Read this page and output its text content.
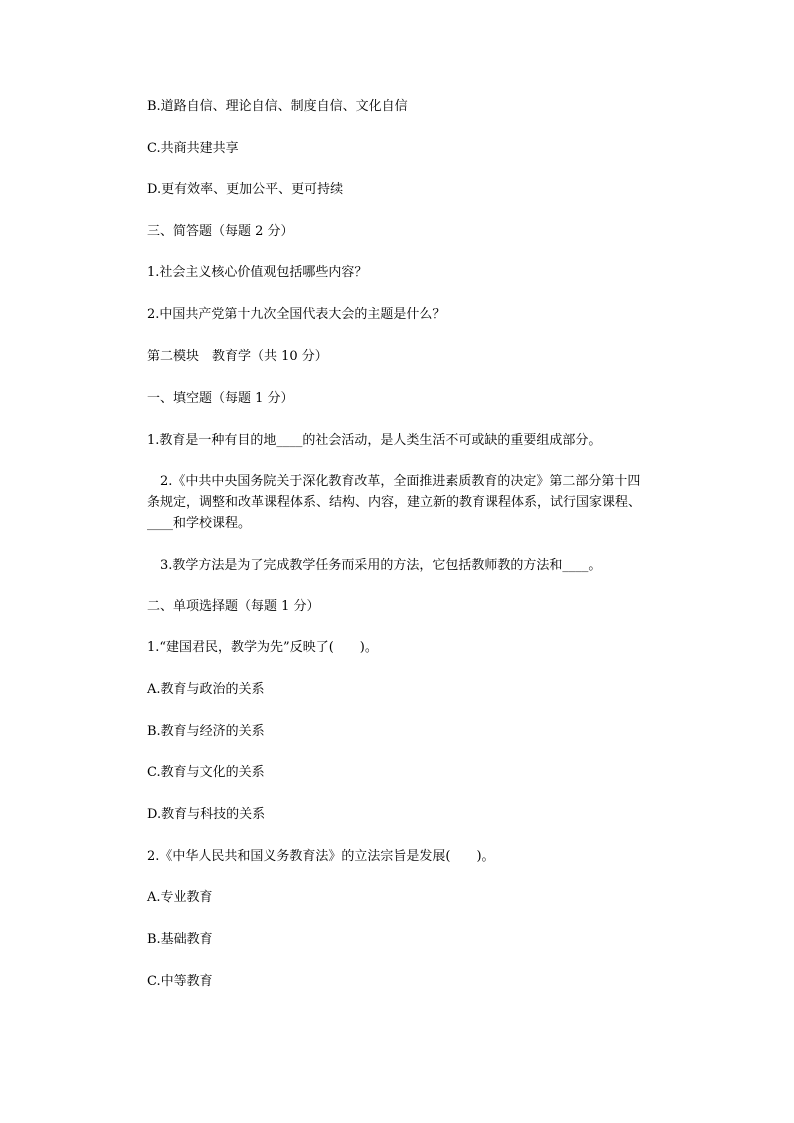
B.道路自信、理论自信、制度自信、文化自信
C.共商共建共享
D.更有效率、更加公平、更可持续
三、简答题（每题 2 分）
1.社会主义核心价值观包括哪些内容？
2.中国共产党第十九次全国代表大会的主题是什么？
第二模块　教育学（共 10 分）
一、填空题（每题 1 分）
1.教育是一种有目的地____的社会活动，是人类生活不可或缺的重要组成部分。
　2.《中共中央国务院关于深化教育改革，全面推进素质教育的决定》第二部分第十四
条规定，调整和改革课程体系、结构、内容，建立新的教育课程体系，试行国家课程、
____和学校课程。
　3.教学方法是为了完成教学任务而采用的方法，它包括教师教的方法和____。
二、单项选择题（每题 1 分）
1.“建国君民，教学为先”反映了(　　)。
A.教育与政治的关系
B.教育与经济的关系
C.教育与文化的关系
D.教育与科技的关系
2.《中华人民共和国义务教育法》的立法宗旨是发展(　　)。
A.专业教育
B.基础教育
C.中等教育
